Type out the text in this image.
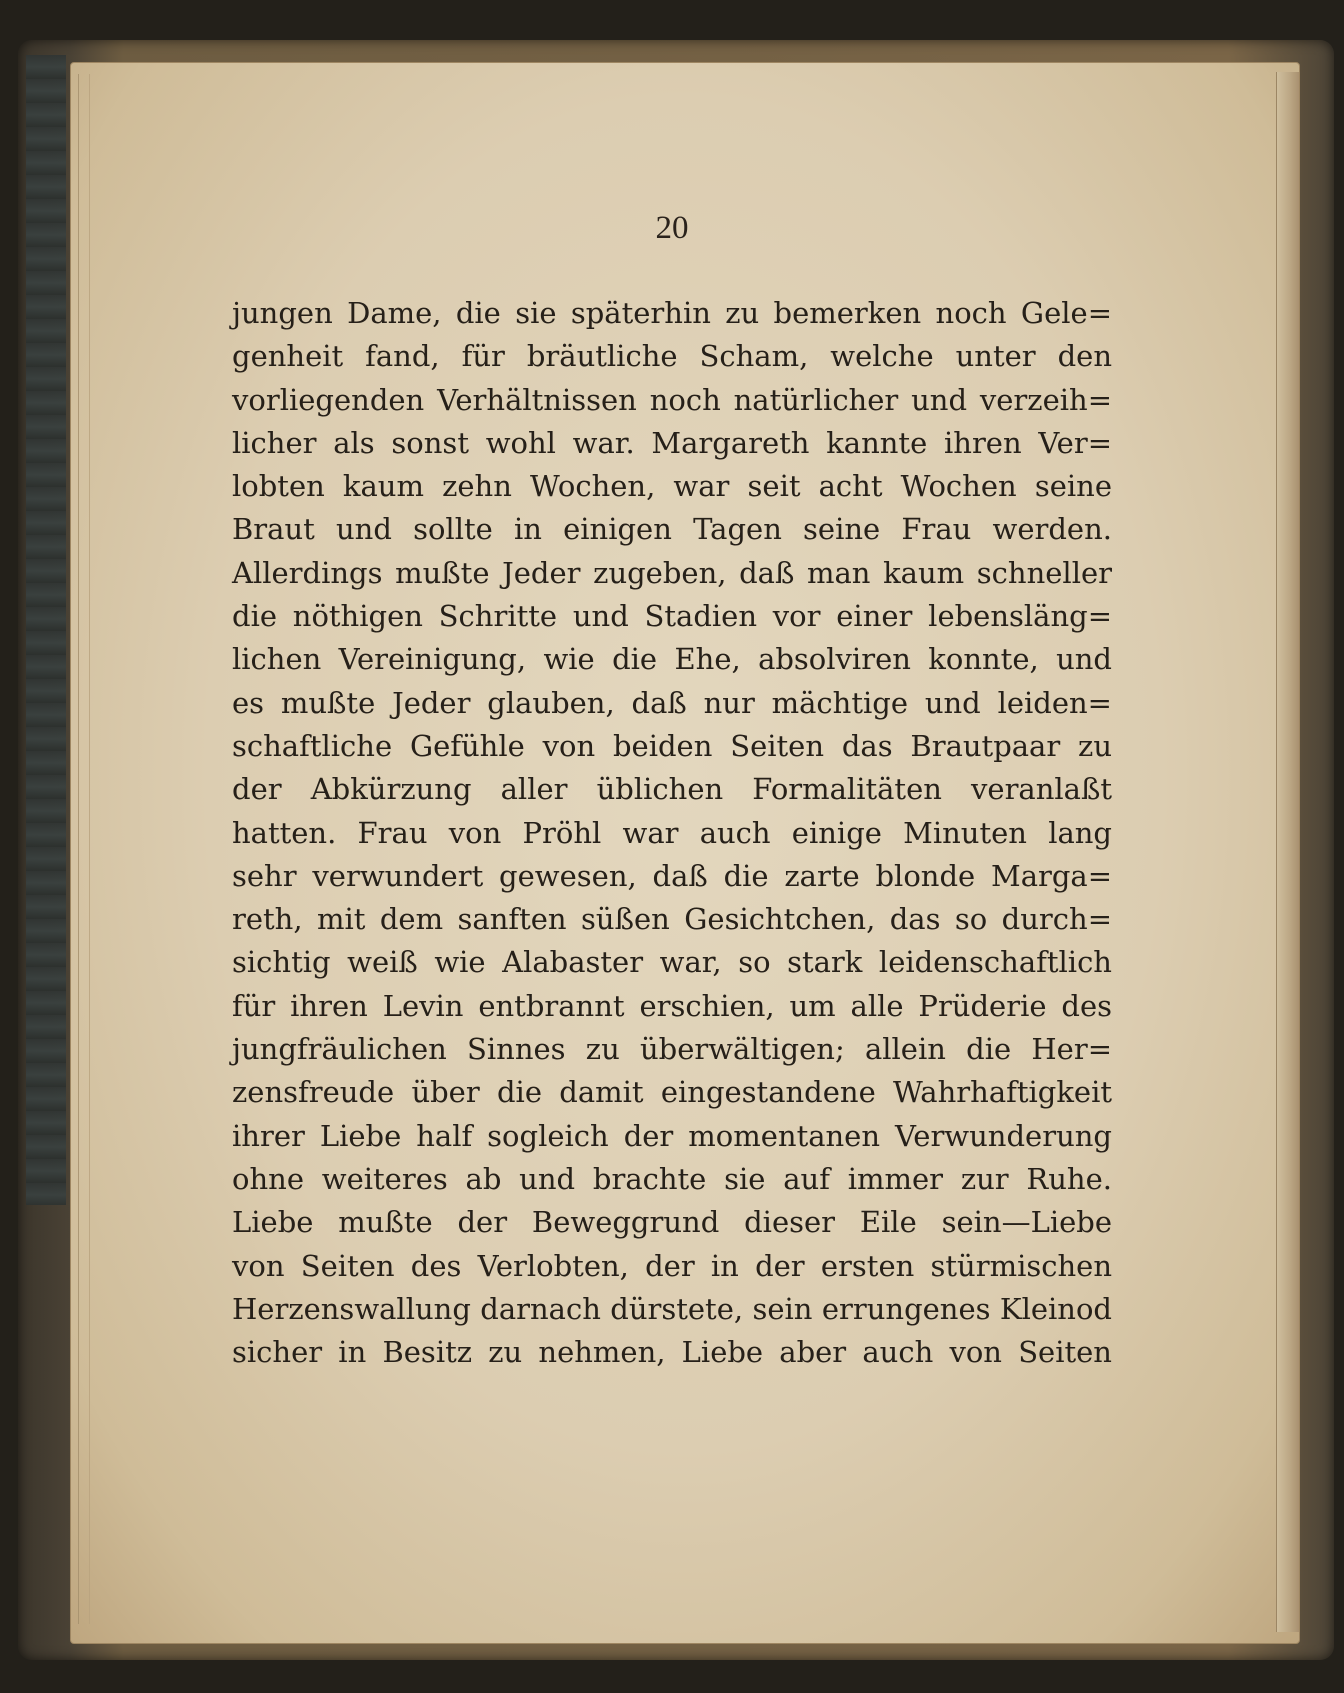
20
jungen Dame, die sie späterhin zu bemerken noch Gele=
genheit fand, für bräutliche Scham, welche unter den
vorliegenden Verhältnissen noch natürlicher und verzeih=
licher als sonst wohl war. Margareth kannte ihren Ver=
lobten kaum zehn Wochen, war seit acht Wochen seine
Braut und sollte in einigen Tagen seine Frau werden.
Allerdings mußte Jeder zugeben, daß man kaum schneller
die nöthigen Schritte und Stadien vor einer lebensläng=
lichen Vereinigung, wie die Ehe, absolviren konnte, und
es mußte Jeder glauben, daß nur mächtige und leiden=
schaftliche Gefühle von beiden Seiten das Brautpaar zu
der Abkürzung aller üblichen Formalitäten veranlaßt
hatten. Frau von Pröhl war auch einige Minuten lang
sehr verwundert gewesen, daß die zarte blonde Marga=
reth, mit dem sanften süßen Gesichtchen, das so durch=
sichtig weiß wie Alabaster war, so stark leidenschaftlich
für ihren Levin entbrannt erschien, um alle Prüderie des
jungfräulichen Sinnes zu überwältigen; allein die Her=
zensfreude über die damit eingestandene Wahrhaftigkeit
ihrer Liebe half sogleich der momentanen Verwunderung
ohne weiteres ab und brachte sie auf immer zur Ruhe.
Liebe mußte der Beweggrund dieser Eile sein—Liebe
von Seiten des Verlobten, der in der ersten stürmischen
Herzenswallung darnach dürstete, sein errungenes Kleinod
sicher in Besitz zu nehmen, Liebe aber auch von Seiten
